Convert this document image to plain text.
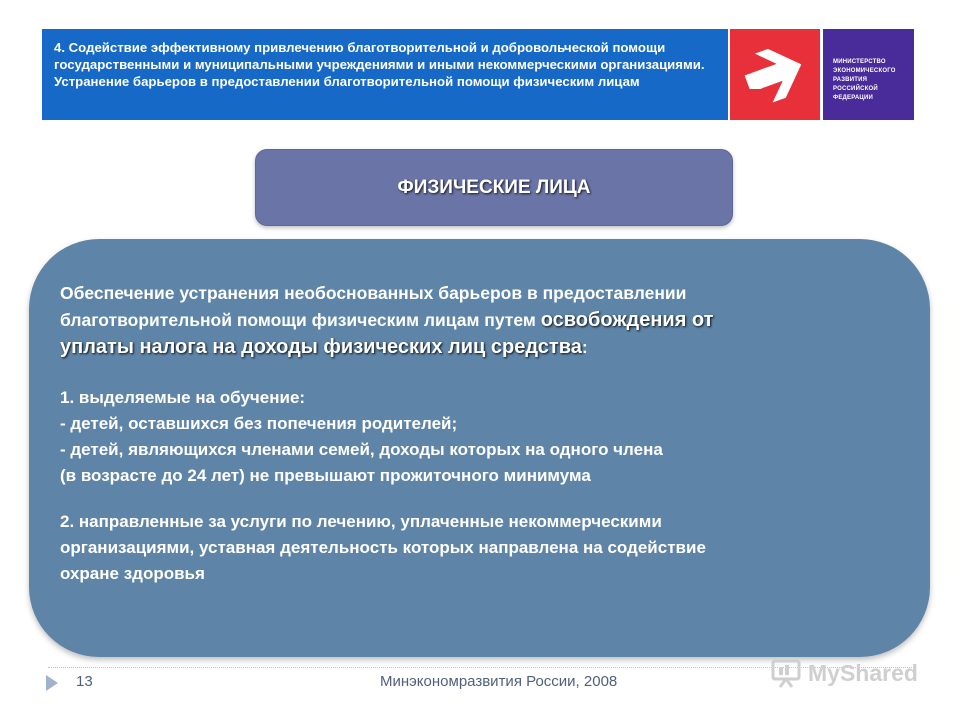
4. Содействие эффективному привлечению благотворительной и добровольческой помощи государственными и муниципальными учреждениями и иными некоммерческими организациями. Устранение барьеров в предоставлении благотворительной помощи физическим лицам
МИНИСТЕРСТВО
ЭКОНОМИЧЕСКОГО
РАЗВИТИЯ
РОССИЙСКОЙ
ФЕДЕРАЦИИ
ФИЗИЧЕСКИЕ ЛИЦА
Обеспечение устранения необоснованных барьеров в предоставлении
благотворительной помощи физическим лицам путем освобождения от
уплаты налога на доходы физических лиц средства:
1. выделяемые на обучение:
- детей, оставшихся без попечения родителей;
- детей, являющихся членами семей, доходы которых на одного члена
(в возрасте до 24 лет) не превышают прожиточного минимума
2. направленные за услуги по лечению, уплаченные некоммерческими
организациями, уставная деятельность которых направлена на содействие
охране здоровья
13	Минэкономразвития России, 2008	MyShared
